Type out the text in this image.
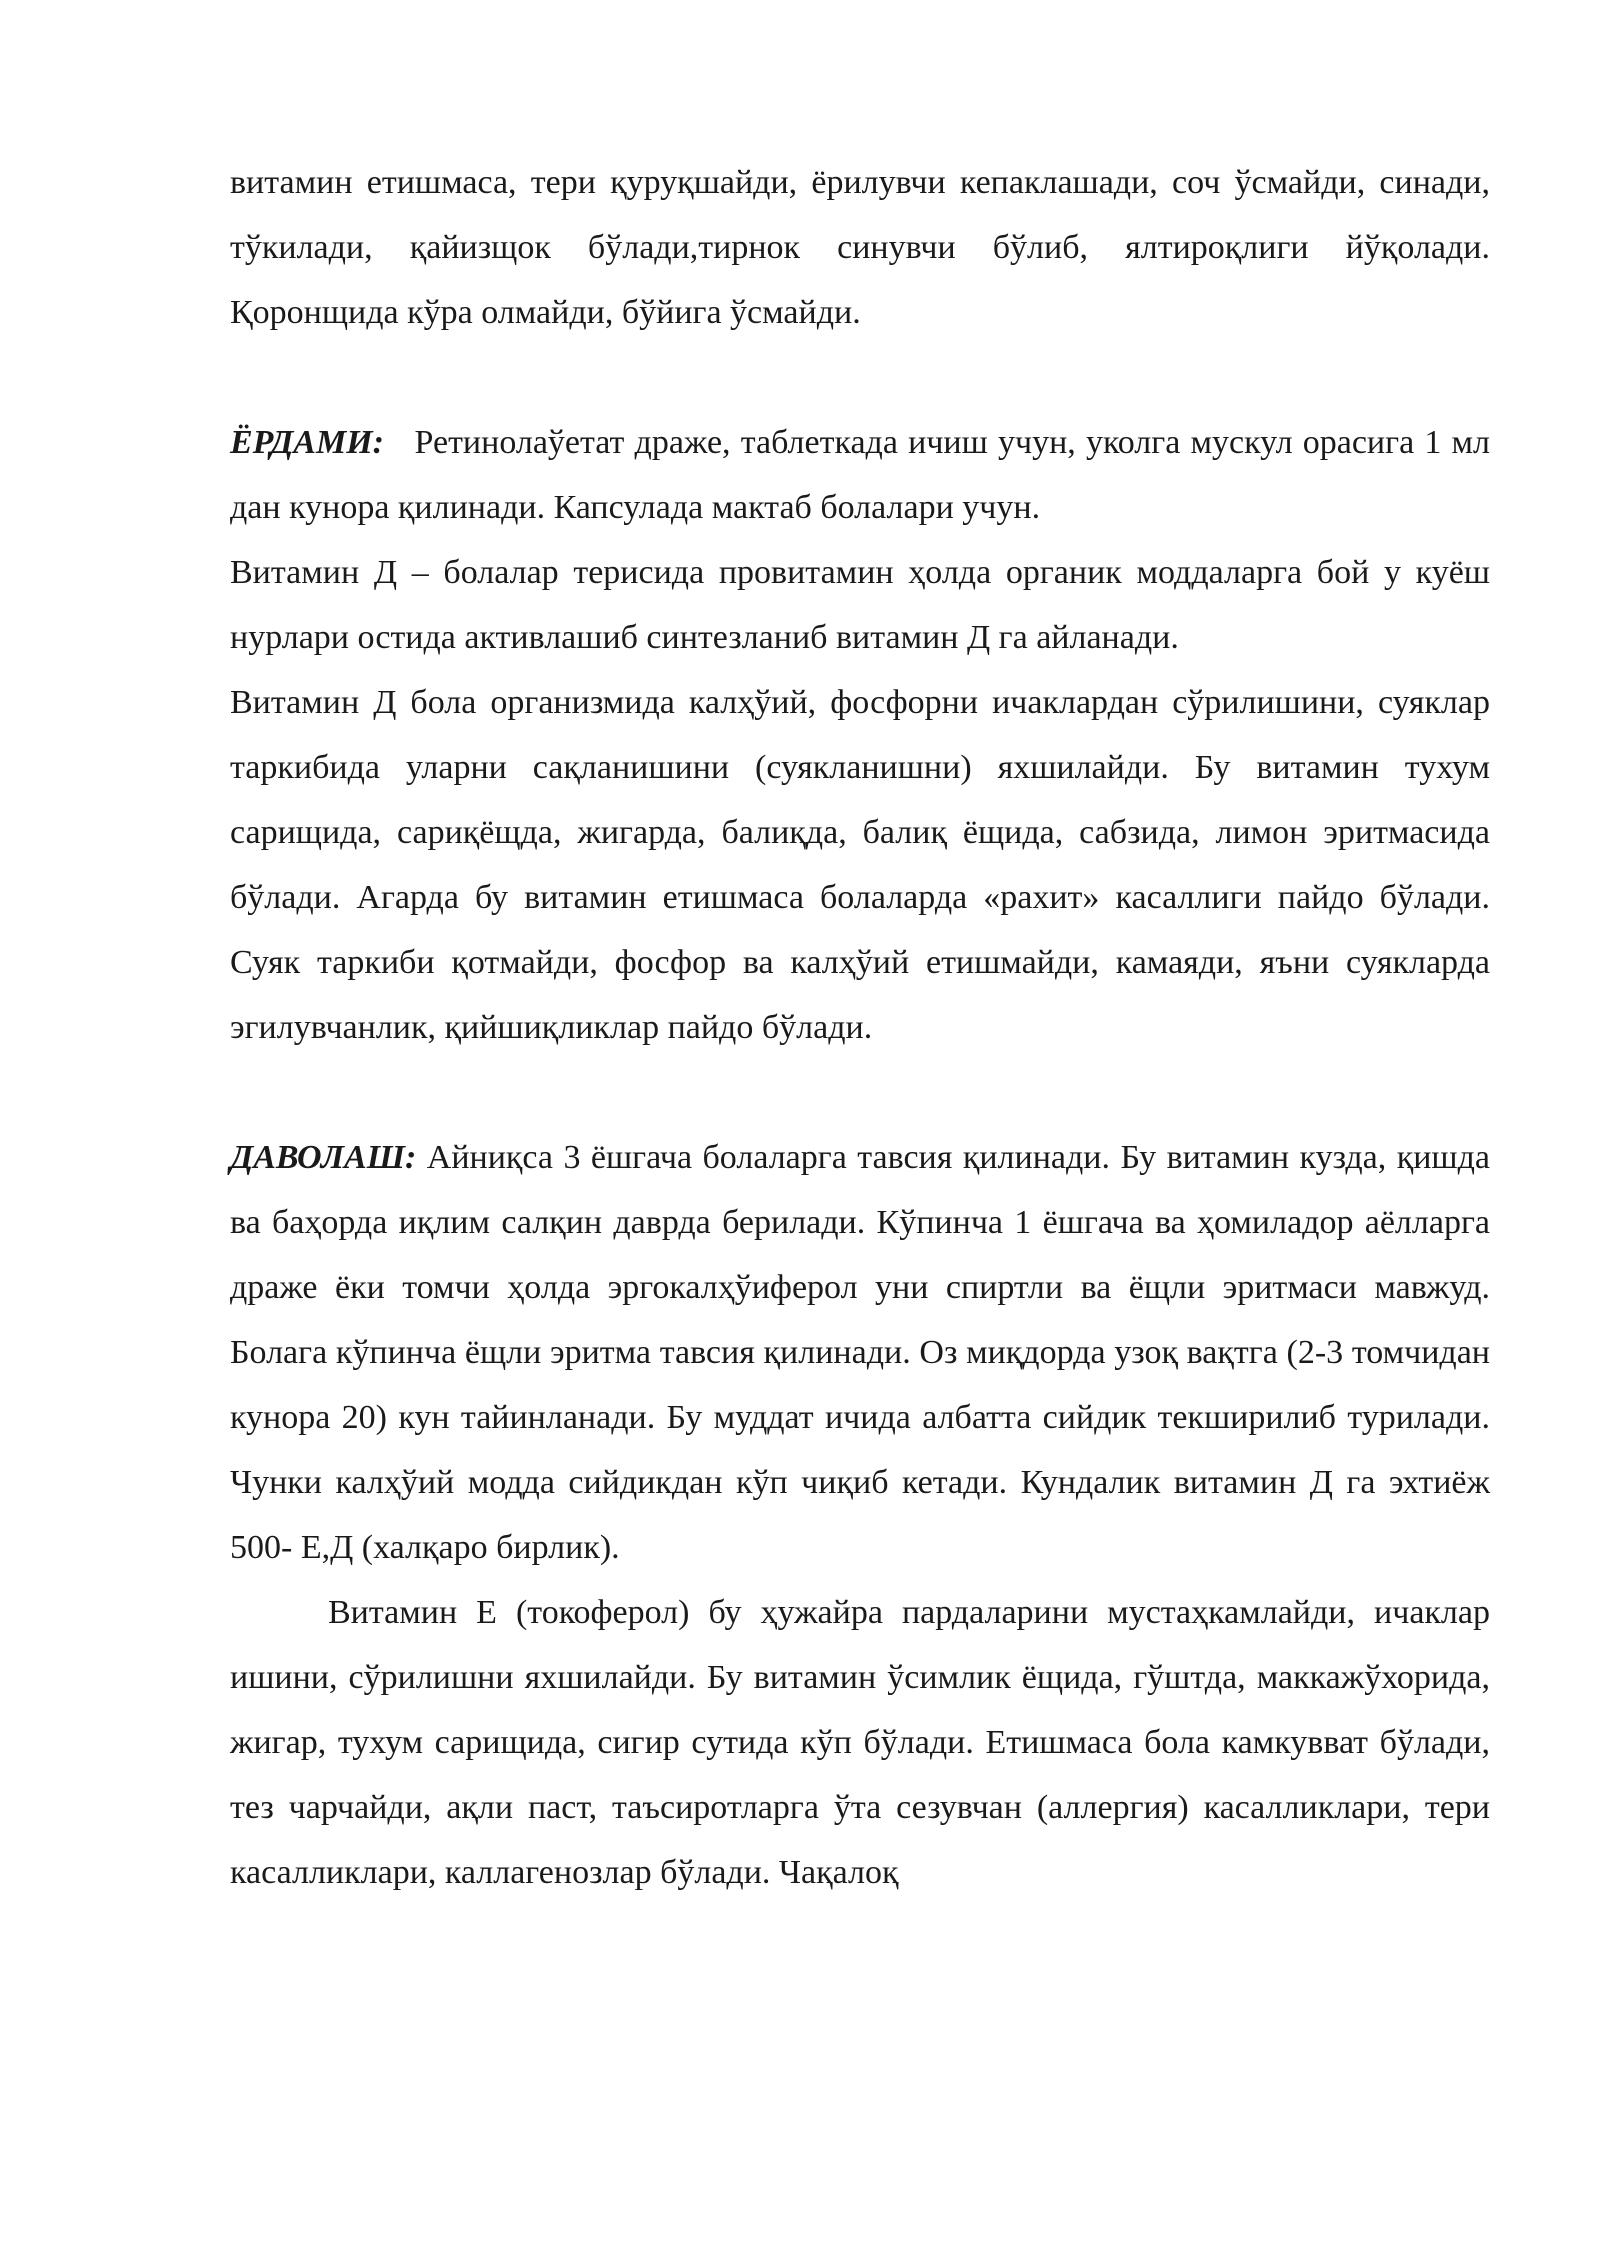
витамин етишмаса, тери қуруқшайди, ёрилувчи кепаклашади, соч ўсмайди, синади, тўкилади, қайизщок бўлади,тирнок синувчи бўлиб, ялтироқлиги йўқолади. Қоронщида кўра олмайди, бўйига ўсмайди.

ЁРДАМИ: Ретинолаўетат драже, таблеткада ичиш учун, уколга мускул орасига 1 мл дан кунора қилинади. Капсулада мактаб болалари учун.

Витамин Д – болалар терисида провитамин ҳолда органик моддаларга бой у куёш нурлари остида активлашиб синтезланиб витамин Д га айланади.

Витамин Д бола организмида калҳўий, фосфорни ичаклардан сўрилишини, суяклар таркибида уларни сақланишини (суякланишни) яхшилайди. Бу витамин тухум сарищида, сариқёщда, жигарда, балиқда, балиқ ёщида, сабзида, лимон эритмасида бўлади. Агарда бу витамин етишмаса болаларда «рахит» касаллиги пайдо бўлади. Суяк таркиби қотмайди, фосфор ва калҳўий етишмайди, камаяди, яъни суякларда эгилувчанлик, қийшиқликлар пайдо бўлади.

ДАВОЛАШ: Айниқса 3 ёшгача болаларга тавсия қилинади. Бу витамин кузда, қишда ва баҳорда иқлим салқин даврда берилади. Кўпинча 1 ёшгача ва ҳомиладор аёлларга драже ёки томчи ҳолда эргокалҳўиферол уни спиртли ва ёщли эритмаси мавжуд. Болага кўпинча ёщли эритма тавсия қилинади. Оз миқдорда узоқ вақтга (2-3 томчидан кунора 20) кун тайинланади. Бу муддат ичида албатта сийдик текширилиб турилади. Чунки калҳўий модда сийдикдан кўп чиқиб кетади. Кундалик витамин Д га эхтиёж 500- Е,Д (халқаро бирлик).

Витамин Е (токоферол) бу ҳужайра пардаларини мустаҳкамлайди, ичаклар ишини, сўрилишни яхшилайди. Бу витамин ўсимлик ёщида, гўштда, маккажўхорида, жигар, тухум сарищида, сигир сутида кўп бўлади. Етишмаса бола камкувват бўлади, тез чарчайди, ақли паст, таъсиротларга ўта сезувчан (аллергия) касалликлари, тери касалликлари, каллагенозлар бўлади. Чақалоқ
